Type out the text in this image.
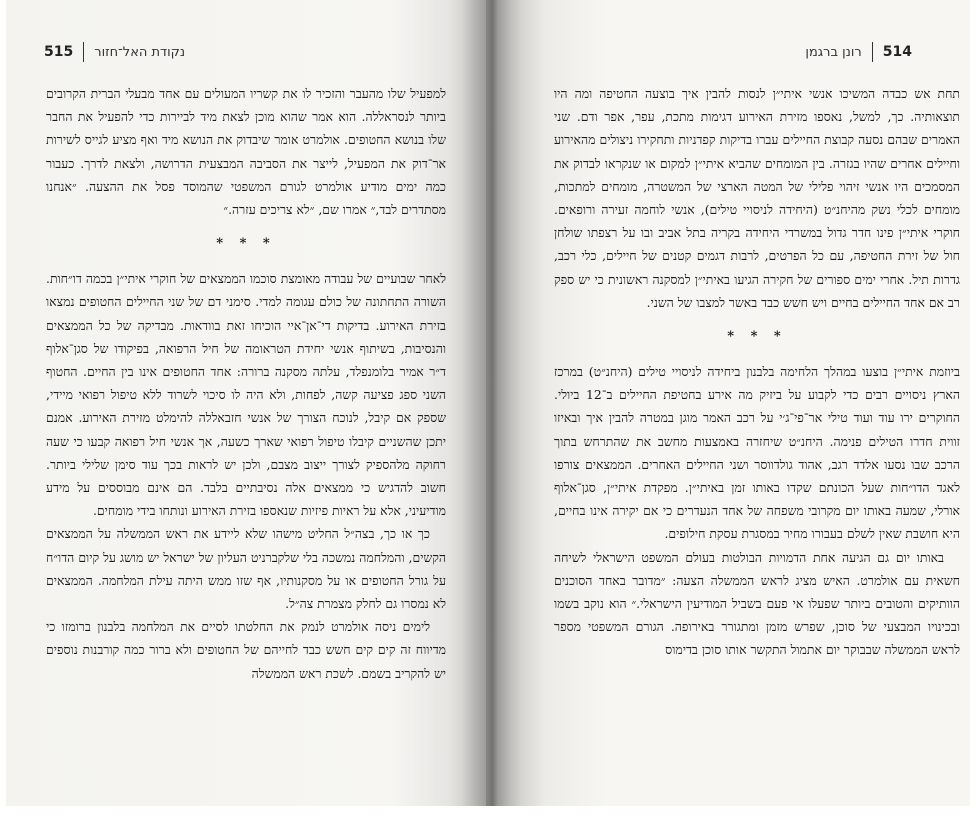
515 נקודת האל־חזור

למפעיל שלו מהעבר והזכיר לו את קשריו המעולים עם אחד מבעלי הברית הקרובים ביותר לנסראללה. הוא אמר שהוא מוכן לצאת מיד לביירות כדי להפעיל את החבר שלו בנושא החטופים. אולמרט אומר שיבדוק את הנושא מיד ואף מציע לגייס לשירות אר־דוק את המפעיל, לייצר את הסביבה המבצעית הדרושה, ולצאת לדרך. כעבור כמה ימים מודיע אולמרט לגורם המשפטי שהמוסד פסל את ההצעה. ״אנחנו מסתדרים לבד,״ אמרו שם, ״לא צריכים עזרה.״

* * *

לאחר שבועיים של עבודה מאומצת סוכמו הממצאים של חוקרי איתי״ן בכמה דו״חות. השורה התחתונה של כולם עגומה למדי. סימני דם של שני החיילים החטופים נמצאו בזירת האירוע. בדיקות די־אן־איי הוכיחו זאת בוודאות. מבדיקה של כל הממצאים והנסיבות, בשיתוף אנשי יחידת הטראומה של חיל הרפואה, בפיקודו של סגן־אלוף ד״ר אמיר בלומנפלד, עלתה מסקנה ברורה: אחד החטופים אינו בין החיים. החטוף השני ספג פציעה קשה, לפחות, ולא היה לו סיכוי לשרוד ללא טיפול רפואי מיידי, שספק אם קיבל, לנוכח הצורך של אנשי חזבאללה להימלט מזירת האירוע. אמנם יתכן שהשניים קיבלו טיפול רפואי שארך כשעה, אך אנשי חיל רפואה קבעו כי שעה רחוקה מלהספיק לצורך ייצוב מצבם, ולכן יש לראות בכך עוד סימן שלילי ביותר. חשוב להדגיש כי ממצאים אלה נסיבתיים בלבד. הם אינם מבוססים על מידע מודיעיני, אלא על ראיות פיזיות שנאספו בזירת האירוע ונותחו בידי מומחים.

כך או כך, בצה״ל החליט מישהו שלא ליידע את ראש הממשלה על הממצאים הקשים, והמלחמה נמשכה בלי שלקברניט העליון של ישראל יש מושג על קיום הדו״ח על גורל החטופים או על מסקנותיו, אף שזו ממש היתה עילת המלחמה. הממצאים לא נמסרו גם לחלק מצמרת צה״ל.

לימים ניסה אולמרט לנמק את החלטתו לסיים את המלחמה בלבנון ברומזו כי מדיווח זה קים קים חשש כבד לחייהם של החטופים ולא ברור כמה קורבנות נוספים יש להקריב בשמם. לשכת ראש הממשלה

514
רונן ברגמן

תחת אש כבדה המשיכו אנשי איתי״ן לנסות להבין איך בוצעה החטיפה ומה היו תוצאותיה. כך, למשל, נאספו מזירת האירוע דגימות מתכת, עפר, אפר ודם. שני האמרים שבהם נסעה קבוצת החיילים עברו בדיקות קפדניות ותחקירו ניצולים מהאירוע וחיילים אחרים שהיו בגזרה. בין המומחים שהביא איתי״ן למקום או שנקראו לבדוק את המסמכים היו אנשי זיהוי פלילי של המטה הארצי של המשטרה, מומחים למתכות, מומחים לכלי נשק מהיחנ״ט (היחידה לניסויי טילים), אנשי לוחמה זעירה ורופאים. חוקרי איתי״ן פינו חדר גדול במשרדי היחידה בקריה בתל אביב ובו על רצפתו שולחן חול של זירת החטיפה, עם כל הפרטים, לרבות דגמים קטנים של חיילים, כלי רכב, גדרות תיל. אחרי ימים ספורים של חקירה הגיעו באיתי״ן למסקנה ראשונית כי יש ספק רב אם אחד החיילים בחיים ויש חשש כבד באשר למצבו של השני.

* * *

ביוזמת איתי״ן בוצעו במהלך הלחימה בלבנון ביחידה לניסויי טילים (היחנ״ט) במרכז הארץ ניסויים רבים כדי לקבוע על ביזיק מה אירע בחטיפת החיילים ב־12 ביולי. החוקרים ירו עוד ועוד טילי אר־פי־ג׳י על רכב האמר מוגן במטרה להבין איך ובאיזו זווית חדרו הטילים פנימה. היחנ״ט שיחזרה באמצעות מחשב את שהתרחש בתוך הרכב שבו נסעו אלדד רגב, אהוד גולדווסר ושני החיילים האחרים. הממצאים צורפו לאגד הדו״חות שעל הכונתם שקדו באותו זמן באיתי״ן. מפקדת איתי״ן, סגן־אלוף אורלי, שמעה באותו יום מקרובי משפחה של אחד הנעדרים כי אם יקירה אינו בחיים, היא חושבת שאין לשלם בעבורו מחיר במסגרת עסקת חילופים.

באותו יום גם הגיעה אחת הדמויות הבולטות בעולם המשפט הישראלי לשיחה חשאית עם אולמרט. האיש מציג לראש הממשלה הצעה: ״מדובר באחד הסוכנים הוותיקים והטובים ביותר שפעלו אי פעם בשביל המודיעין הישראלי.״ הוא נוקב בשמו ובכינויו המבצעי של סוכן, שפרש מזמן ומתגורר באירופה. הגורם המשפטי מספר לראש הממשלה שבבוקר יום אתמול התקשר אותו סוכן בדימוס
